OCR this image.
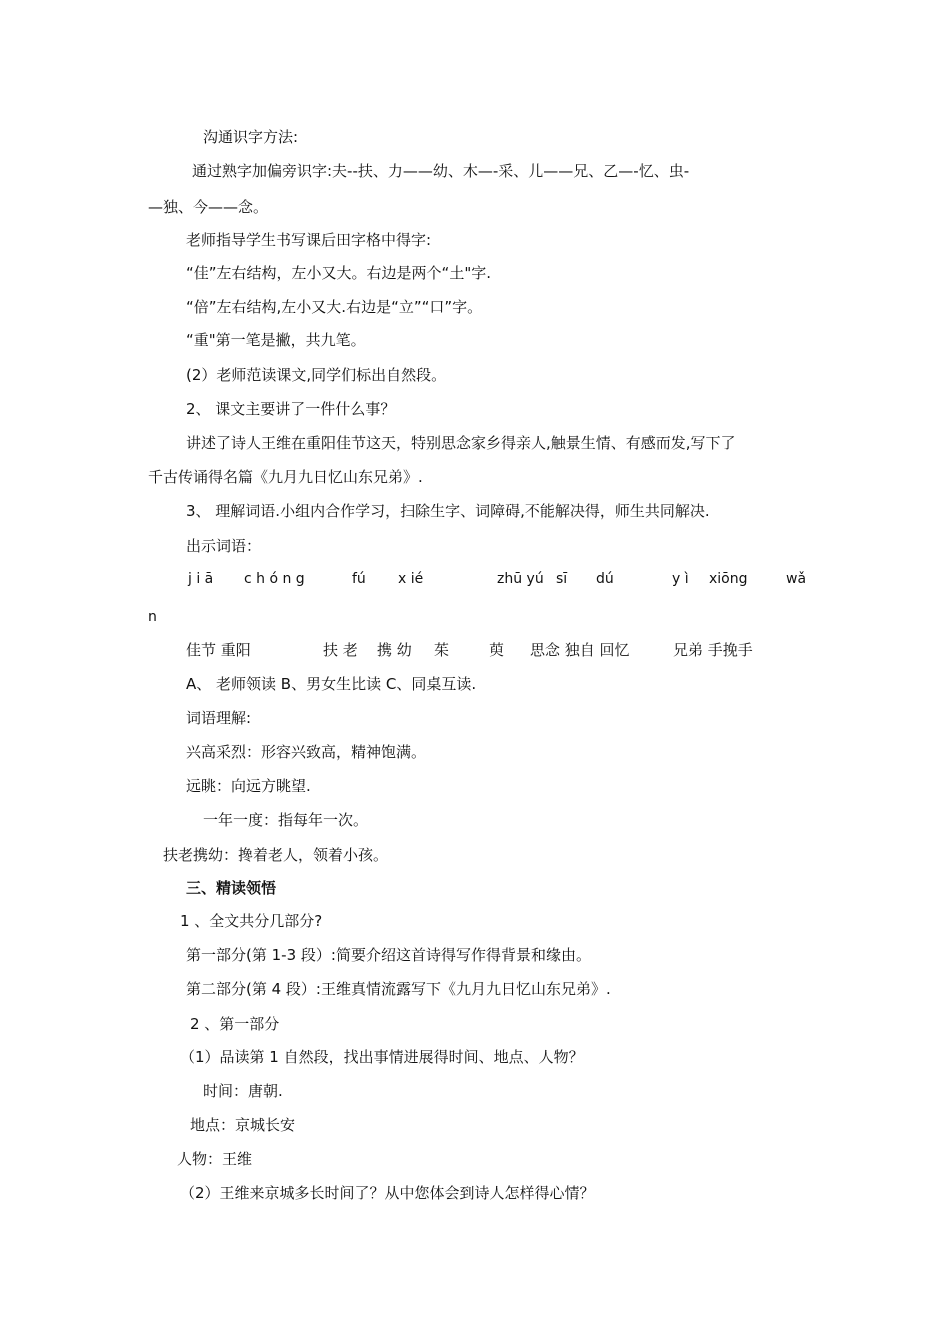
沟通识字方法:
通过熟字加偏旁识字:夫--扶、力——幼、木—-采、儿——兄、乙—-忆、虫-
—独、今——念。
老师指导学生书写课后田字格中得字:
“佳”左右结构，左小又大。右边是两个“土"字.
“倍”左右结构,左小又大.右边是“立”“口”字。
“重"第一笔是撇，共九笔。
(2）老师范读课文,同学们标出自然段。
2、 课文主要讲了一件什么事？
讲述了诗人王维在重阳佳节这天，特别思念家乡得亲人,触景生情、有感而发,写下了
千古传诵得名篇《九月九日忆山东兄弟》.
3、 理解词语.小组内合作学习，扫除生字、词障碍,不能解决得，师生共同解决.
出示词语：
j i ā c h ó n g	fú x ié	zhū yú sī dú	y ì xiōng	wǎ
n
佳节 重阳	扶 老 携 幼 茱	萸 思念 独自 回忆	兄弟 手挽手
A、 老师领读 B、男女生比读 C、同桌互读.
词语理解:
兴高采烈：形容兴致高，精神饱满。
远眺：向远方眺望.
一年一度：指每年一次。
扶老携幼：搀着老人，领着小孩。
三、精读领悟
1 、全文共分几部分?
第一部分(第 1-3 段）:简要介绍这首诗得写作得背景和缘由。
第二部分(第 4 段）:王维真情流露写下《九月九日忆山东兄弟》.
2 、第一部分
（1）品读第 1 自然段，找出事情进展得时间、地点、人物？
时间：唐朝.
地点：京城长安
人物：王维
（2）王维来京城多长时间了？从中您体会到诗人怎样得心情？
